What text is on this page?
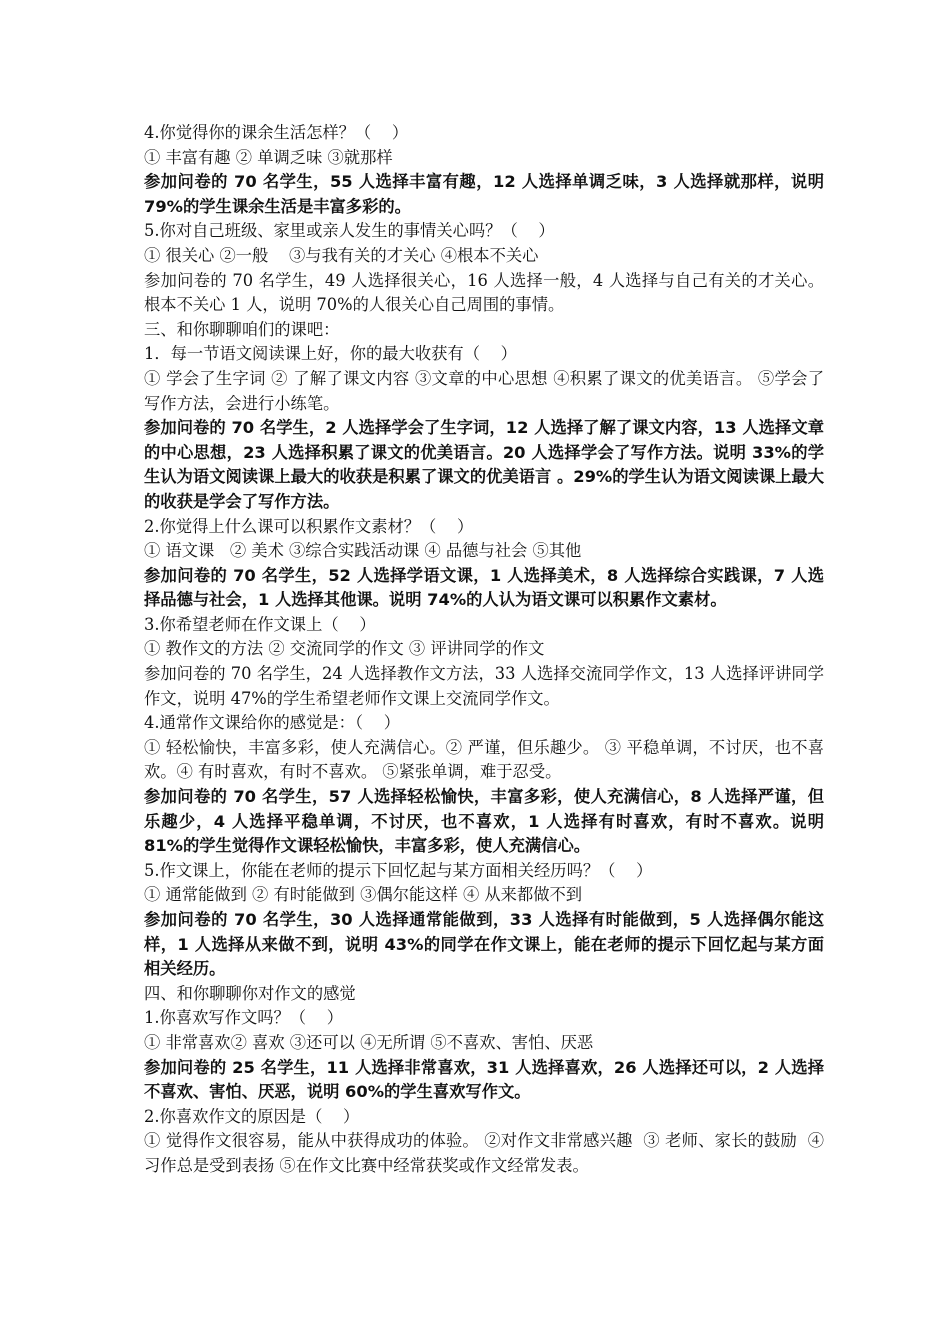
4.你觉得你的课余生活怎样？（    ）

① 丰富有趣 ② 单调乏味 ③就那样

参加问卷的 70 名学生，55 人选择丰富有趣，12 人选择单调乏味，3 人选择就那样，说明 79%的学生课余生活是丰富多彩的。

5.你对自己班级、家里或亲人发生的事情关心吗？（    ）

① 很关心 ②一般    ③与我有关的才关心 ④根本不关心

参加问卷的 70 名学生，49 人选择很关心，16 人选择一般，4 人选择与自己有关的才关心。根本不关心 1 人，说明 70%的人很关心自己周围的事情。

三、和你聊聊咱们的课吧：

1．每一节语文阅读课上好，你的最大收获有（    ）

① 学会了生字词 ② 了解了课文内容 ③文章的中心思想 ④积累了课文的优美语言。 ⑤学会了写作方法，会进行小练笔。

参加问卷的 70 名学生，2 人选择学会了生字词，12 人选择了解了课文内容，13 人选择文章的中心思想，23 人选择积累了课文的优美语言。20 人选择学会了写作方法。说明 33%的学生认为语文阅读课上最大的收获是积累了课文的优美语言 。29%的学生认为语文阅读课上最大的收获是学会了写作方法。

2.你觉得上什么课可以积累作文素材？（    ）

① 语文课   ② 美术 ③综合实践活动课 ④ 品德与社会 ⑤其他

参加问卷的 70 名学生，52 人选择学语文课，1 人选择美术，8 人选择综合实践课，7 人选择品德与社会，1 人选择其他课。说明 74%的人认为语文课可以积累作文素材。

3.你希望老师在作文课上（    ）

① 教作文的方法 ② 交流同学的作文 ③ 评讲同学的作文

参加问卷的 70 名学生，24 人选择教作文方法，33 人选择交流同学作文，13 人选择评讲同学作文，说明 47%的学生希望老师作文课上交流同学作文。

4.通常作文课给你的感觉是：（    ）

① 轻松愉快，丰富多彩，使人充满信心。② 严谨，但乐趣少。 ③ 平稳单调，不讨厌，也不喜欢。④ 有时喜欢，有时不喜欢。 ⑤紧张单调，难于忍受。

参加问卷的 70 名学生，57 人选择轻松愉快，丰富多彩，使人充满信心，8 人选择严谨，但乐趣少，4 人选择平稳单调，不讨厌，也不喜欢，1 人选择有时喜欢，有时不喜欢。说明 81%的学生觉得作文课轻松愉快，丰富多彩，使人充满信心。

5.作文课上，你能在老师的提示下回忆起与某方面相关经历吗？（    ）

① 通常能做到 ② 有时能做到 ③偶尔能这样 ④ 从来都做不到

参加问卷的 70 名学生，30 人选择通常能做到，33 人选择有时能做到，5 人选择偶尔能这样，1 人选择从来做不到，说明 43%的同学在作文课上，能在老师的提示下回忆起与某方面相关经历。

四、和你聊聊你对作文的感觉

1.你喜欢写作文吗？（    ）

① 非常喜欢② 喜欢 ③还可以 ④无所谓 ⑤不喜欢、害怕、厌恶

参加问卷的 25 名学生，11 人选择非常喜欢，31 人选择喜欢，26 人选择还可以，2 人选择不喜欢、害怕、厌恶，说明 60%的学生喜欢写作文。

2.你喜欢作文的原因是（    ）

① 觉得作文很容易，能从中获得成功的体验。 ②对作文非常感兴趣  ③ 老师、家长的鼓励  ④习作总是受到表扬 ⑤在作文比赛中经常获奖或作文经常发表。
